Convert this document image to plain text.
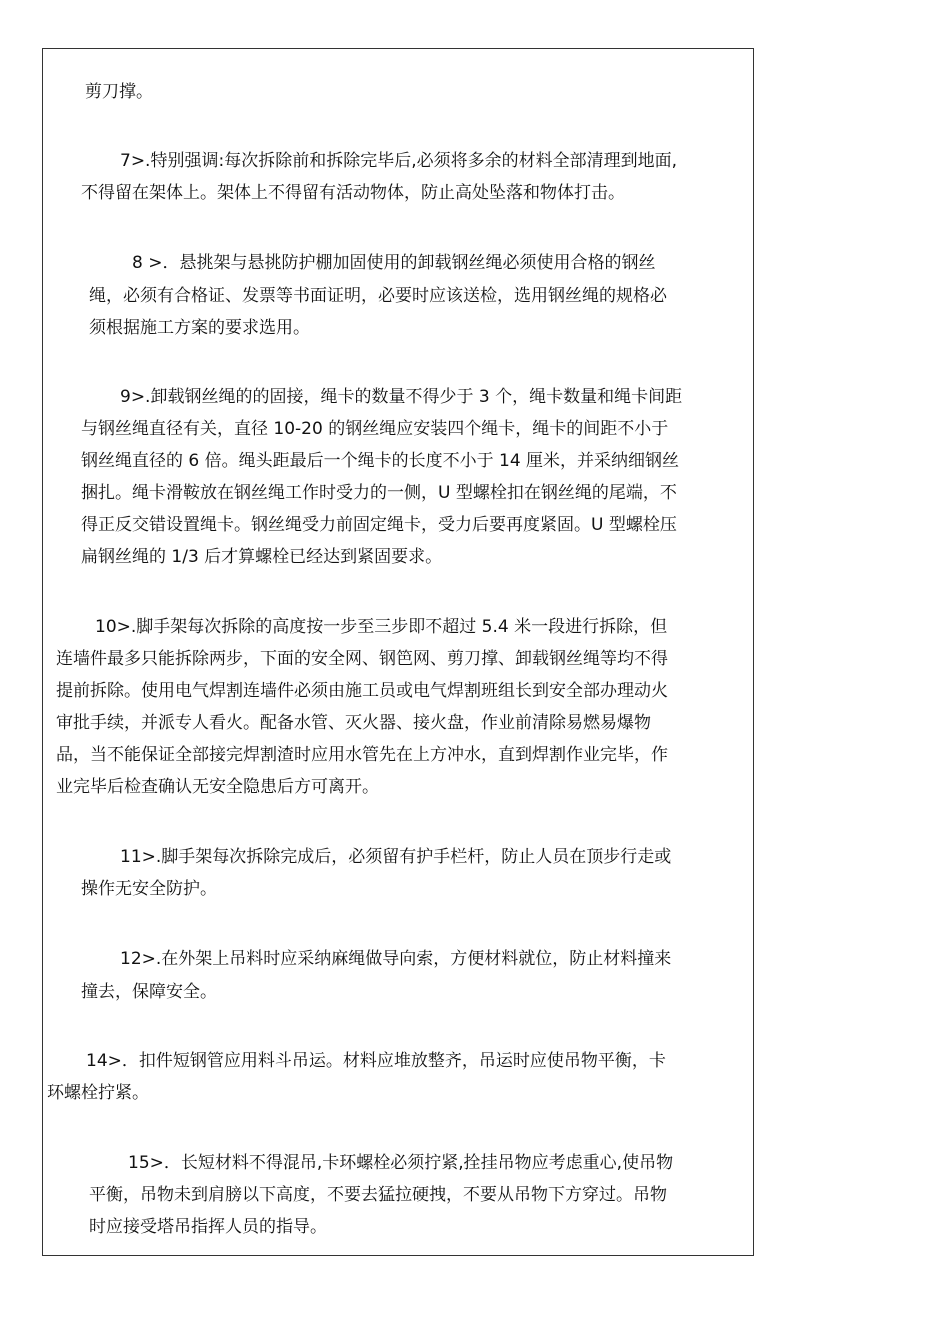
剪刀撑。
7>.特别强调:每次拆除前和拆除完毕后,必须将多余的材料全部清理到地面,
不得留在架体上。架体上不得留有活动物体，防止高处坠落和物体打击。
8 >．悬挑架与悬挑防护棚加固使用的卸载钢丝绳必须使用合格的钢丝
绳，必须有合格证、发票等书面证明，必要时应该送检，选用钢丝绳的规格必
须根据施工方案的要求选用。
9>.卸载钢丝绳的的固接，绳卡的数量不得少于 3 个，绳卡数量和绳卡间距
与钢丝绳直径有关，直径 10-20 的钢丝绳应安装四个绳卡，绳卡的间距不小于
钢丝绳直径的 6 倍。绳头距最后一个绳卡的长度不小于 14 厘米，并采纳细钢丝
捆扎。绳卡滑鞍放在钢丝绳工作时受力的一侧，U 型螺栓扣在钢丝绳的尾端，不
得正反交错设置绳卡。钢丝绳受力前固定绳卡，受力后要再度紧固。U 型螺栓压
扁钢丝绳的 1/3 后才算螺栓已经达到紧固要求。
10>.脚手架每次拆除的高度按一步至三步即不超过 5.4 米一段进行拆除，但
连墙件最多只能拆除两步，下面的安全网、钢笆网、剪刀撑、卸载钢丝绳等均不得
提前拆除。使用电气焊割连墙件必须由施工员或电气焊割班组长到安全部办理动火
审批手续，并派专人看火。配备水管、灭火器、接火盘，作业前清除易燃易爆物
品，当不能保证全部接完焊割渣时应用水管先在上方冲水，直到焊割作业完毕，作
业完毕后检查确认无安全隐患后方可离开。
11>.脚手架每次拆除完成后，必须留有护手栏杆，防止人员在顶步行走或
操作无安全防护。
12>.在外架上吊料时应采纳麻绳做导向索，方便材料就位，防止材料撞来
撞去，保障安全。
14>．扣件短钢管应用料斗吊运。材料应堆放整齐，吊运时应使吊物平衡，卡
环螺栓拧紧。
15>．长短材料不得混吊,卡环螺栓必须拧紧,拴挂吊物应考虑重心,使吊物
平衡，吊物未到肩膀以下高度，不要去猛拉硬拽，不要从吊物下方穿过。吊物
时应接受塔吊指挥人员的指导。
